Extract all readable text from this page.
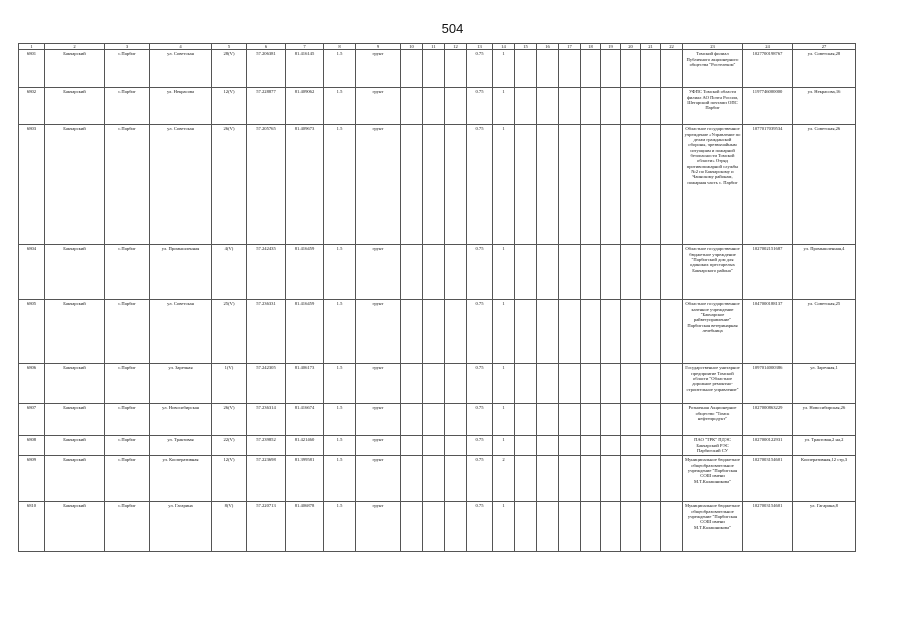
504
1	2	3	4	5	6	7	8	9	10	11	12	13	14	15	16	17	18	19	20	21	22	23	24	27
6801	Бакчарский	с.Парбиг	ул. Советская	28(V)	57.206381	81.416145	1.5	грунт				0.75	1									Томский филиал Публичного акционерного общества "Ростелеком"	1027700198767	ул. Советская,28
6802	Бакчарский	с.Парбиг	ул. Некрасова	12(V)	57.228877	81.409062	1.5	грунт				0.75	1									УФПС Томской области филиал АО Почта России, Шегарский почтамп ОПС Парбиг	1197746000000	ул. Некрасова,16
6803	Бакчарский	с.Парбиг	ул. Советская	26(V)	57.205765	81.409673	1.5	грунт				0.75	1									Областное государственное учреждение «Управление по делам гражданской обороны, чрезвычайным ситуациям и пожарной безопасности Томской области» Отряд противопожарной службы №2 по Бакчарскому и Чаинскому районам, пожарная часть с. Парбиг	1077017039534	ул. Советская,26
6804	Бакчарский	с.Парбиг	ул. Промышленная	4(V)	57.242435	81.416459	1.5	грунт				0.75	1									Областное государственное бюджетное учреждение "Парбигский дом для одиноких престарелых Бакчарского района"	1027002151687	ул. Промышленная,4
6805	Бакчарский	с.Парбиг	ул. Советская	25(V)	57.236331	81.416459	1.5	грунт				0.75	1									Областное государственное казенное учреждение "Бакчарское райветуправление" Парбигская ветеринарная лечебница	1047000188137	ул. Советская,25
6806	Бакчарский	с.Парбиг	ул. Заречная	1(V)	57.242305	81.406173	1.5	грунт				0.75	1									Государственное унитарное предприятие Томской области "Областное дорожное ремонтно-строительное управление"	1097014000386	ул. Заречная,1
6807	Бакчарский	с.Парбиг	ул. Новосибирская	26(V)	57.236314	81.416674	1.5	грунт				0.75	1									Розничная Акционерное общество "Томск нефтепродукт"	1027000863229	ул. Новосибирская,26
6808	Бакчарский	с.Парбиг	ул. Трактовая	22(V)	57.239852	81.421460	1.5	грунт				0.75	1									ПАО "ТРК" ПДЭС Бакчарский РЭС Парбигский СУ	1027000122931	ул. Трактовая,2 на,2
6809	Бакчарский	с.Парбиг	ул. Кооперативная	12(V)	57.223698	81.399581	1.5	грунт				0.75	2									Муниципальное бюджетное общеобразовательное учреждение "Парбигская СОШ имени М.Т.Калашникова"	1027003154601	Кооперативная,12 стр,3
6810	Бакчарский	с.Парбиг	ул. Гагарина	8(V)	57.220713	81.406878	1.5	грунт				0.75	1									Муниципальное бюджетное общеобразовательное учреждение "Парбигская СОШ имени М.Т.Калашникова"	1027003154601	ул. Гагарина,8
